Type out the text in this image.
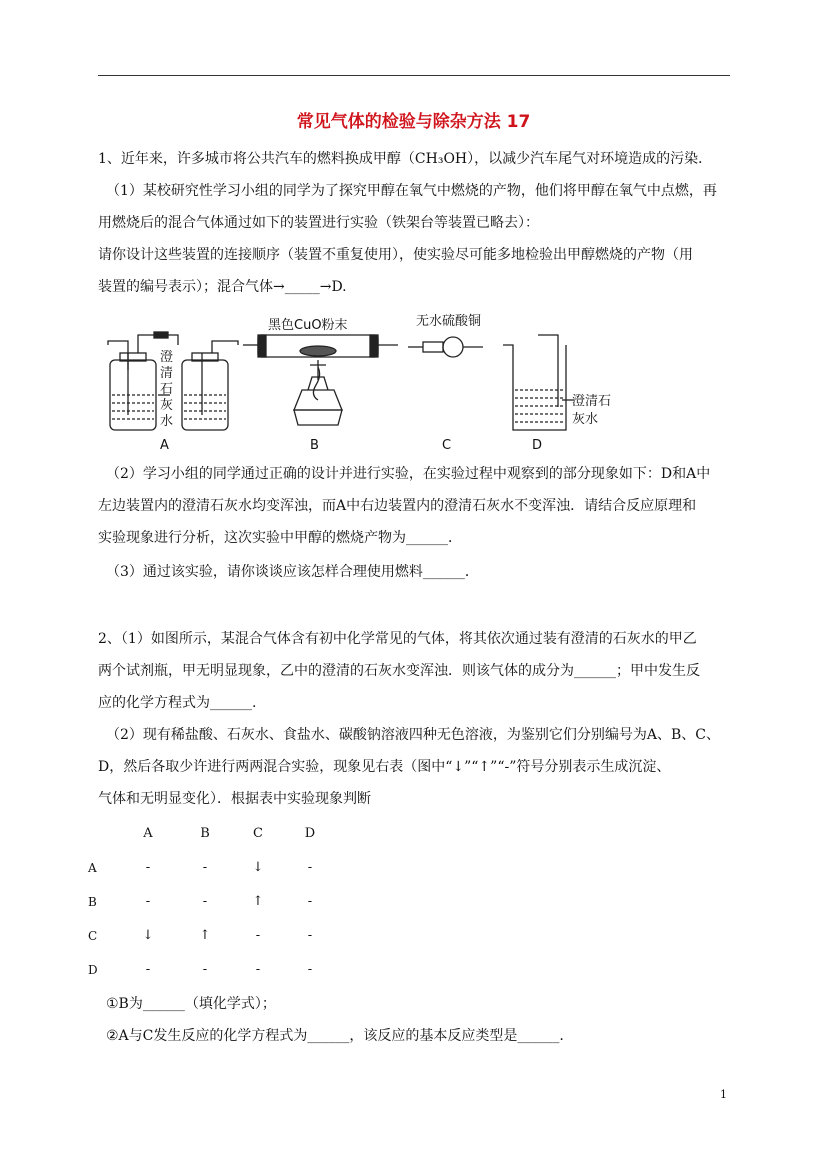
常见气体的检验与除杂方法 17
1、近年来，许多城市将公共汽车的燃料换成甲醇（CH₃OH），以减少汽车尾气对环境造成的污染．
（1）某校研究性学习小组的同学为了探究甲醇在氧气中燃烧的产物，他们将甲醇在氧气中点燃，再
用燃烧后的混合气体通过如下的装置进行实验（铁架台等装置已略去）：
请你设计这些装置的连接顺序（装置不重复使用），使实验尽可能多地检验出甲醇燃烧的产物（用
装置的编号表示）；混合气体→_____→D.
黑色CuO粉末	无水硫酸铜
澄
清
石
灰
水
澄清石
灰水
A	B	C	D
（2）学习小组的同学通过正确的设计并进行实验，在实验过程中观察到的部分现象如下：D和A中
左边装置内的澄清石灰水均变浑浊，而A中右边装置内的澄清石灰水不变浑浊．请结合反应原理和
实验现象进行分析，这次实验中甲醇的燃烧产物为______．
（3）通过该实验，请你谈谈应该怎样合理使用燃料______．
2、（1）如图所示，某混合气体含有初中化学常见的气体，将其依次通过装有澄清的石灰水的甲乙
两个试剂瓶，甲无明显现象，乙中的澄清的石灰水变浑浊．则该气体的成分为______；甲中发生反
应的化学方程式为______.
（2）现有稀盐酸、石灰水、食盐水、碳酸钠溶液四种无色溶液，为鉴别它们分别编号为A、B、C、
D，然后各取少许进行两两混合实验，现象见右表（图中“↓”“↑”“-”符号分别表示生成沉淀、
气体和无明显变化）．根据表中实验现象判断
A	B	C	D
A	-	-	↓	-
B	-	-	↑	-
C	↓	↑	-	-
D	-	-	-	-
①B为______（填化学式）；
②A与C发生反应的化学方程式为______，该反应的基本反应类型是______.
1
